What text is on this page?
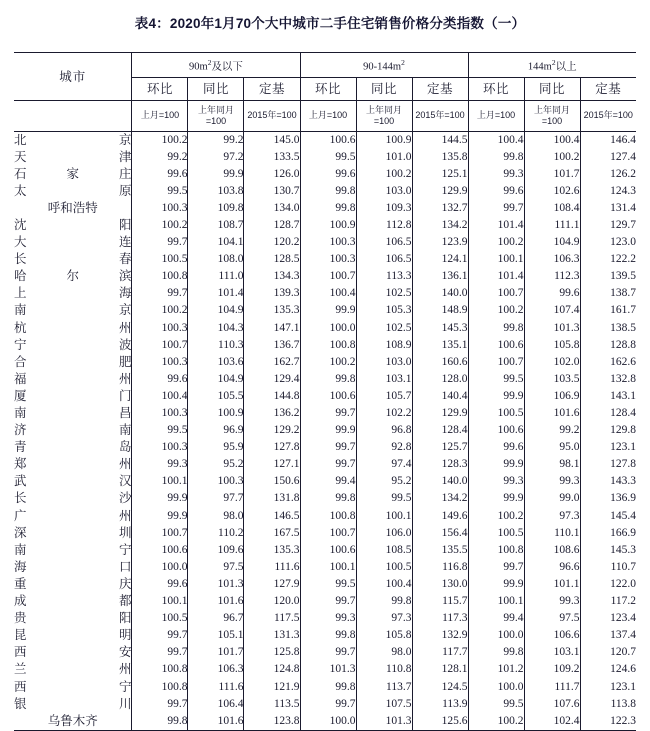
表4：2020年1月70个大中城市二手住宅销售价格分类指数（一）
城市	$90m^2$及以下			$90-144m^2$			$144m^2$以上		
	环比	同比	定基	环比	同比	定基	环比	同比	定基
	上月=100	上年同月=100	2015年=100	上月=100	上年同月=100	2015年=100	上月=100	上年同月=100	2015年=100
北京	100.2	99.2	145.0	100.6	100.9	144.5	100.4	100.4	146.4
天津	99.2	97.2	133.5	99.5	101.0	135.8	99.8	100.2	127.4
石家庄	99.6	99.9	126.0	99.6	100.2	125.1	99.3	101.7	126.2
太原	99.5	103.8	130.7	99.8	103.0	129.9	99.6	102.6	124.3
呼和浩特	100.3	109.8	134.0	99.8	109.3	132.7	99.7	108.4	131.4
沈阳	100.2	108.7	128.7	100.9	112.8	134.2	101.4	111.1	129.7
大连	99.7	104.1	120.2	100.3	106.5	123.9	100.2	104.9	123.0
长春	100.5	108.0	128.5	100.3	106.5	124.1	100.1	106.3	122.2
哈尔滨	100.8	111.0	134.3	100.7	113.3	136.1	101.4	112.3	139.5
上海	99.7	101.4	139.3	100.4	102.5	140.0	100.7	99.6	138.7
南京	100.2	104.9	135.3	99.9	105.3	148.9	100.2	107.4	161.7
杭州	100.3	104.3	147.1	100.0	102.5	145.3	99.8	101.3	138.5
宁波	100.7	110.3	136.7	100.8	108.9	135.1	100.6	105.8	128.8
合肥	100.3	103.6	162.7	100.2	103.0	160.6	100.7	102.0	162.6
福州	99.6	104.9	129.4	99.8	103.1	128.0	99.5	103.5	132.8
厦门	100.4	105.5	144.8	100.6	105.7	140.4	99.9	106.9	143.1
南昌	100.3	100.9	136.2	99.7	102.2	129.9	100.5	101.6	128.4
济南	99.5	96.9	129.2	99.9	96.8	128.4	100.6	99.2	129.8
青岛	100.3	95.9	127.8	99.7	92.8	125.7	99.6	95.0	123.1
郑州	99.3	95.2	127.1	99.7	97.4	128.3	99.9	98.1	127.8
武汉	100.1	100.3	150.6	99.4	95.2	140.0	99.3	99.3	143.3
长沙	99.9	97.7	131.8	99.8	99.5	134.2	99.9	99.0	136.9
广州	99.9	98.0	146.5	100.8	100.1	149.6	100.2	97.3	145.4
深圳	100.7	110.2	167.5	100.7	106.0	156.4	100.5	110.1	166.9
南宁	100.6	109.6	135.3	100.6	108.5	135.5	100.8	108.6	145.3
海口	100.0	97.5	111.6	100.1	100.5	116.8	99.7	96.6	110.7
重庆	99.6	101.3	127.9	99.5	100.4	130.0	99.9	101.1	122.0
成都	100.1	101.6	120.0	99.7	99.8	115.7	100.1	99.3	117.2
贵阳	100.5	96.7	117.5	99.3	97.3	117.3	99.4	97.5	123.4
昆明	99.7	105.1	131.3	99.8	105.8	132.9	100.0	106.6	137.4
西安	99.7	101.7	125.8	99.7	98.0	117.7	99.8	103.1	120.7
兰州	100.8	106.3	124.8	101.3	110.8	128.1	101.2	109.2	124.6
西宁	100.8	111.6	121.9	99.8	113.7	124.5	100.0	111.7	123.1
银川	99.7	106.4	113.5	99.7	107.5	113.9	99.5	107.6	113.8
乌鲁木齐	99.8	101.6	123.8	100.0	101.3	125.6	100.2	102.4	122.3
